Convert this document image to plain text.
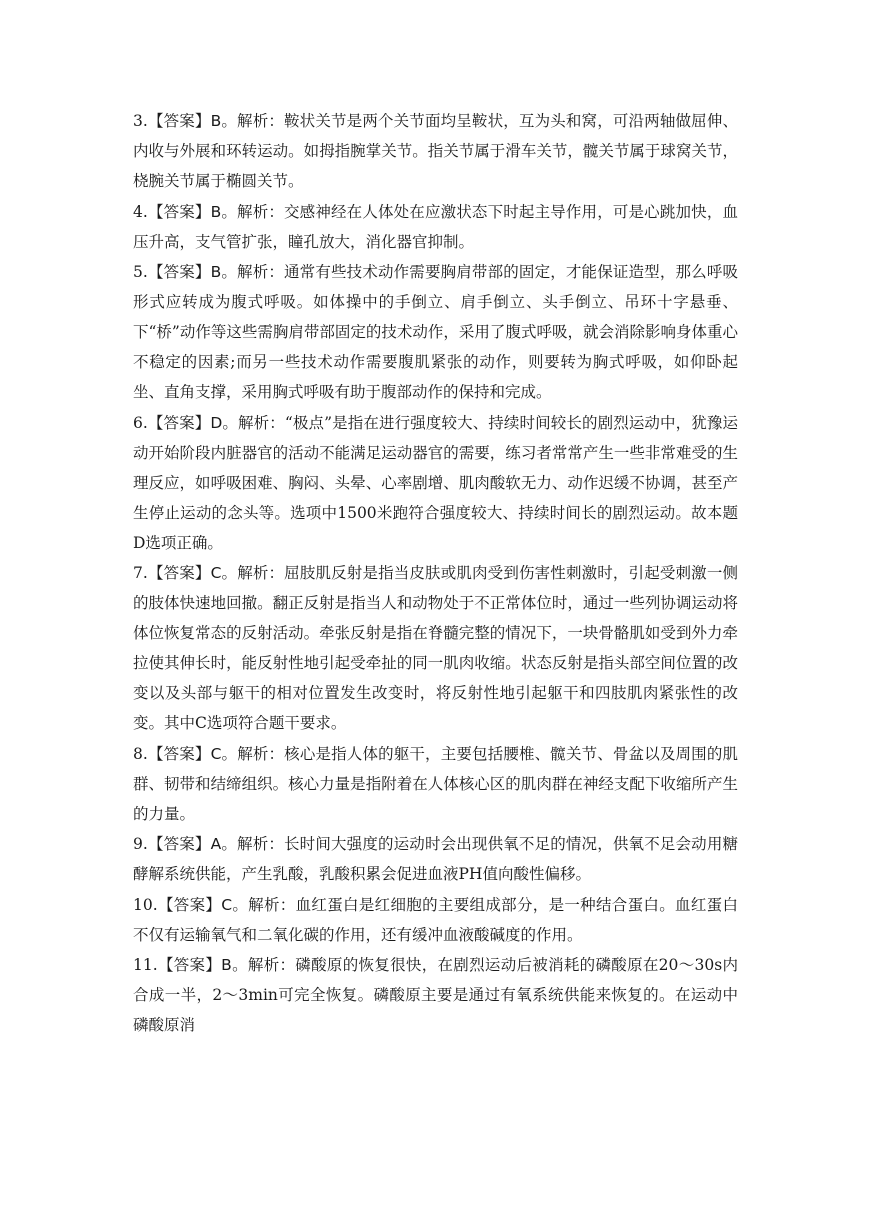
3.【答案】B。解析：鞍状关节是两个关节面均呈鞍状，互为头和窝，可沿两轴做屈伸、内收与外展和环转运动。如拇指腕掌关节。指关节属于滑车关节，髋关节属于球窝关节，桡腕关节属于椭圆关节。

4.【答案】B。解析：交感神经在人体处在应激状态下时起主导作用，可是心跳加快，血压升高，支气管扩张，瞳孔放大，消化器官抑制。

5.【答案】B。解析：通常有些技术动作需要胸肩带部的固定，才能保证造型，那么呼吸形式应转成为腹式呼吸。如体操中的手倒立、肩手倒立、头手倒立、吊环十字悬垂、下“桥”动作等这些需胸肩带部固定的技术动作，采用了腹式呼吸，就会消除影响身体重心不稳定的因素;而另一些技术动作需要腹肌紧张的动作，则要转为胸式呼吸，如仰卧起坐、直角支撑，采用胸式呼吸有助于腹部动作的保持和完成。

6.【答案】D。解析：“极点”是指在进行强度较大、持续时间较长的剧烈运动中，犹豫运动开始阶段内脏器官的活动不能满足运动器官的需要，练习者常常产生一些非常难受的生理反应，如呼吸困难、胸闷、头晕、心率剧增、肌肉酸软无力、动作迟缓不协调，甚至产生停止运动的念头等。选项中1500米跑符合强度较大、持续时间长的剧烈运动。故本题D选项正确。

7.【答案】C。解析：屈肢肌反射是指当皮肤或肌肉受到伤害性刺激时，引起受刺激一侧的肢体快速地回撤。翻正反射是指当人和动物处于不正常体位时，通过一些列协调运动将体位恢复常态的反射活动。牵张反射是指在脊髓完整的情况下，一块骨骼肌如受到外力牵拉使其伸长时，能反射性地引起受牵扯的同一肌肉收缩。状态反射是指头部空间位置的改变以及头部与躯干的相对位置发生改变时，将反射性地引起躯干和四肢肌肉紧张性的改变。其中C选项符合题干要求。

8.【答案】C。解析：核心是指人体的躯干，主要包括腰椎、髋关节、骨盆以及周围的肌群、韧带和结缔组织。核心力量是指附着在人体核心区的肌肉群在神经支配下收缩所产生的力量。

9.【答案】A。解析：长时间大强度的运动时会出现供氧不足的情况，供氧不足会动用糖酵解系统供能，产生乳酸，乳酸积累会促进血液PH值向酸性偏移。

10.【答案】C。解析：血红蛋白是红细胞的主要组成部分，是一种结合蛋白。血红蛋白不仅有运输氧气和二氧化碳的作用，还有缓冲血液酸碱度的作用。

11.【答案】B。解析：磷酸原的恢复很快，在剧烈运动后被消耗的磷酸原在20～30s内合成一半，2～3min可完全恢复。磷酸原主要是通过有氧系统供能来恢复的。在运动中磷酸原消
